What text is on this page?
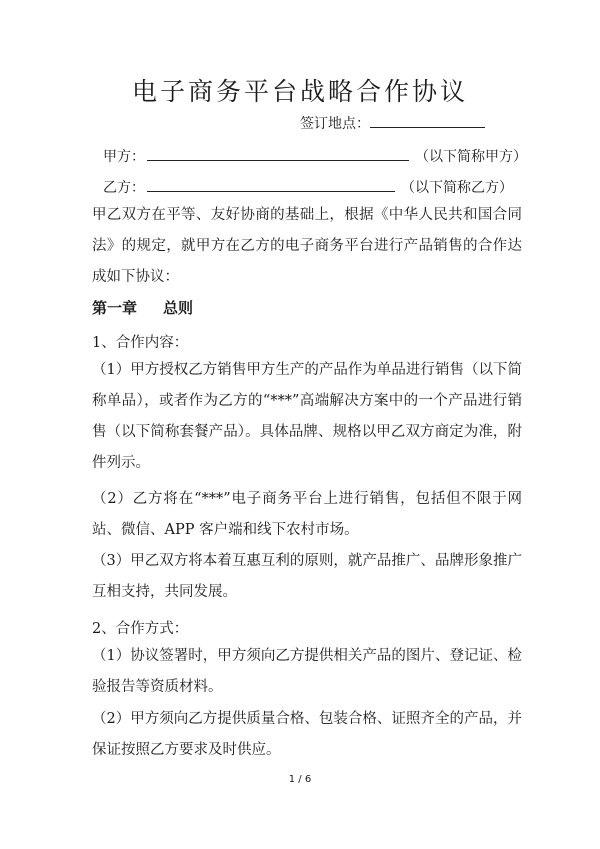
电子商务平台战略合作协议
签订地点：
甲方：	（以下简称甲方）
乙方：	（以下简称乙方）
甲乙双方在平等、友好协商的基础上，根据《中华人民共和国合同法》的规定，就甲方在乙方的电子商务平台进行产品销售的合作达成如下协议：
第一章 总则
1、合作内容：
（1）甲方授权乙方销售甲方生产的产品作为单品进行销售（以下简称单品），或者作为乙方的“***”高端解决方案中的一个产品进行销售（以下简称套餐产品）。具体品牌、规格以甲乙双方商定为准，附件列示。
（2）乙方将在“***”电子商务平台上进行销售，包括但不限于网站、微信、APP 客户端和线下农村市场。
（3）甲乙双方将本着互惠互利的原则，就产品推广、品牌形象推广互相支持，共同发展。
2、合作方式：
（1）协议签署时，甲方须向乙方提供相关产品的图片、登记证、检验报告等资质材料。
（2）甲方须向乙方提供质量合格、包装合格、证照齐全的产品，并保证按照乙方要求及时供应。
1 / 6
